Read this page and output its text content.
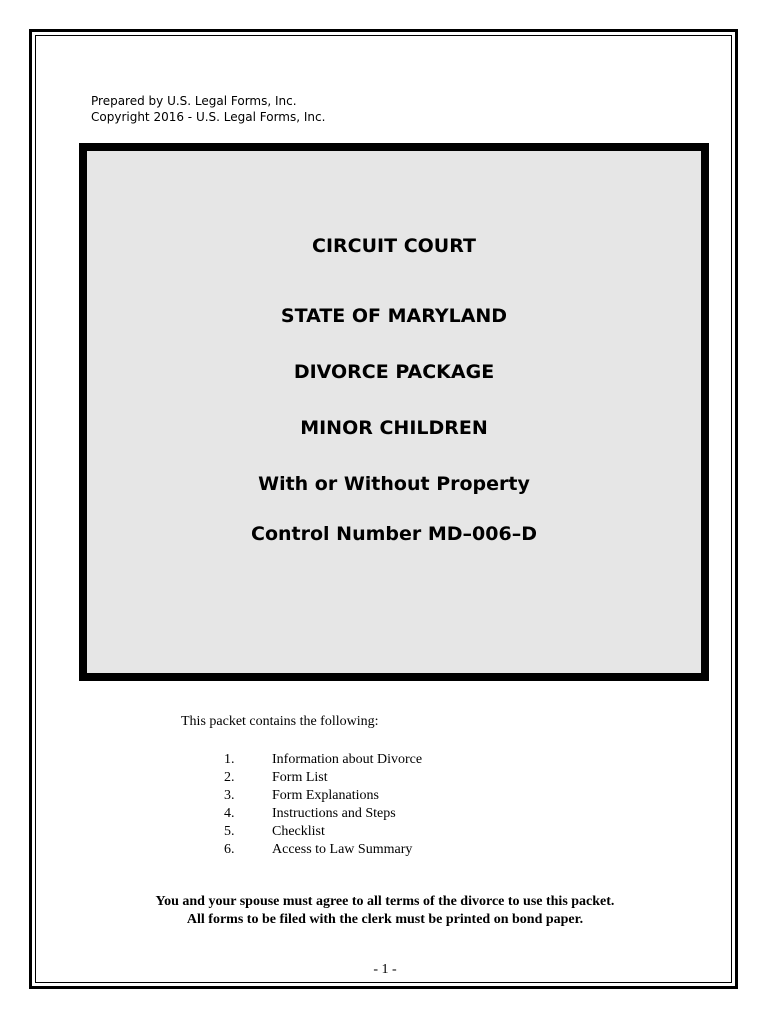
Prepared by U.S. Legal Forms, Inc.
Copyright 2016 - U.S. Legal Forms, Inc.
CIRCUIT COURT
STATE OF MARYLAND
DIVORCE PACKAGE
MINOR CHILDREN
With or Without Property
Control Number MD–006–D
This packet contains the following:
1.	Information about Divorce
2.	Form List
3.	Form Explanations
4.	Instructions and Steps
5.	Checklist
6.	Access to Law Summary
You and your spouse must agree to all terms of the divorce to use this packet.
All forms to be filed with the clerk must be printed on bond paper.
- 1 -
